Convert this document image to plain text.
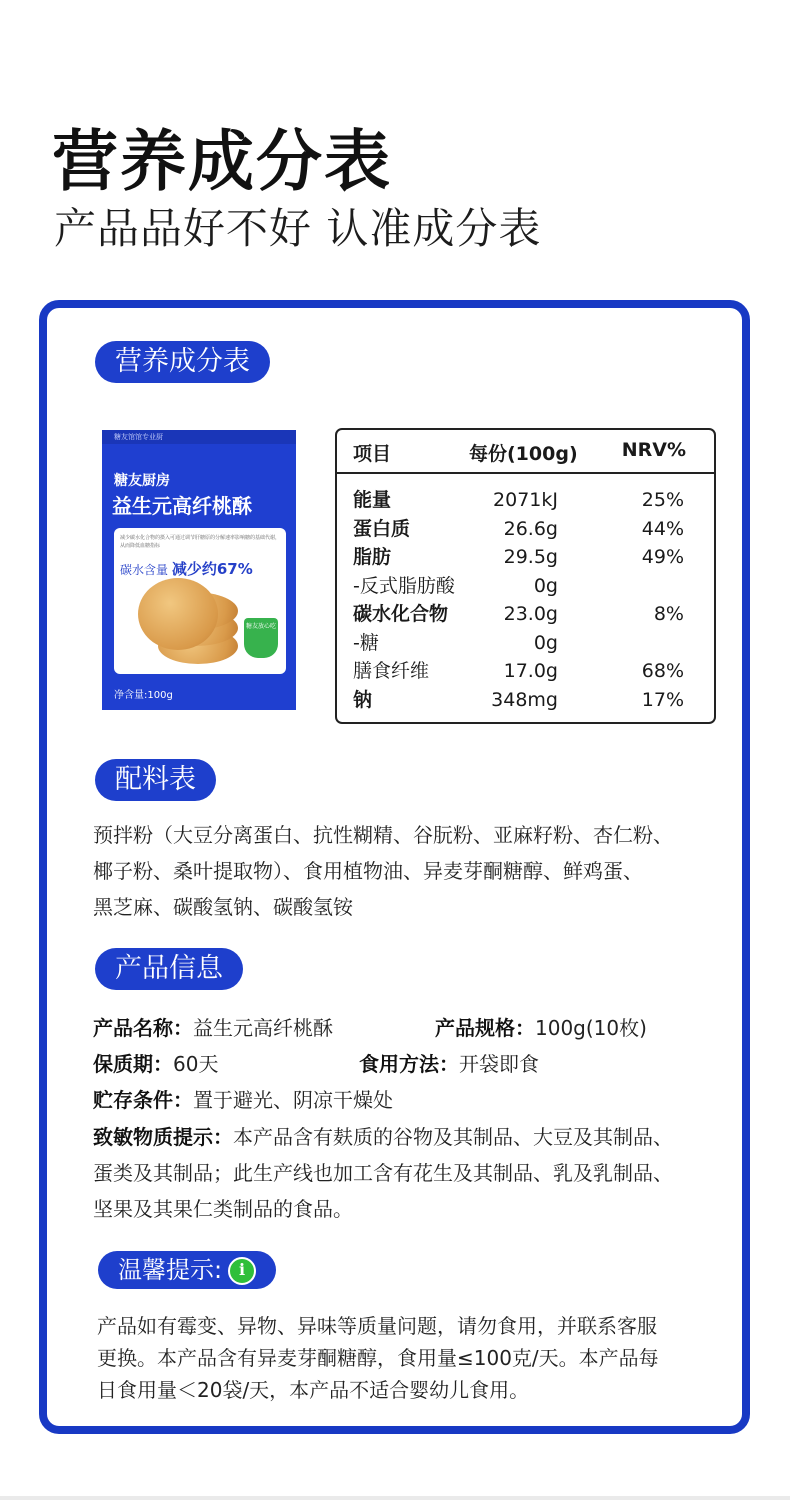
营养成分表
产品品好不好 认准成分表
营养成分表
糖友馆馆专业厨
糖友厨房
益生元高纤桃酥
减少碳水化合物的摄入可通过调节肝糖原的分解速率影响糖的基础代谢，从而降低血糖指标
碳水含量 减少约67%
糖友放心吃
净含量:100g
项目	每份(100g) NRV%
能量	2071kJ	25%
蛋白质	26.6g	44%
脂肪	29.5g	49%
-反式脂肪酸	0g
碳水化合物	23.0g	8%
-糖	0g
膳食纤维	17.0g	68%
钠	348mg	17%
配料表
预拌粉（大豆分离蛋白、抗性糊精、谷朊粉、亚麻籽粉、杏仁粉、
椰子粉、桑叶提取物）、食用植物油、异麦芽酮糖醇、鲜鸡蛋、
黑芝麻、碳酸氢钠、碳酸氢铵
产品信息
产品名称：益生元高纤桃酥	产品规格：100g(10枚)
保质期：60天	食用方法：开袋即食
贮存条件：置于避光、阴凉干燥处
致敏物质提示：本产品含有麸质的谷物及其制品、大豆及其制品、
蛋类及其制品；此生产线也加工含有花生及其制品、乳及乳制品、
坚果及其果仁类制品的食品。
温馨提示: i
产品如有霉变、异物、异味等质量问题，请勿食用，并联系客服
更换。本产品含有异麦芽酮糖醇，食用量≤100克/天。本产品每
日食用量＜20袋/天，本产品不适合婴幼儿食用。
